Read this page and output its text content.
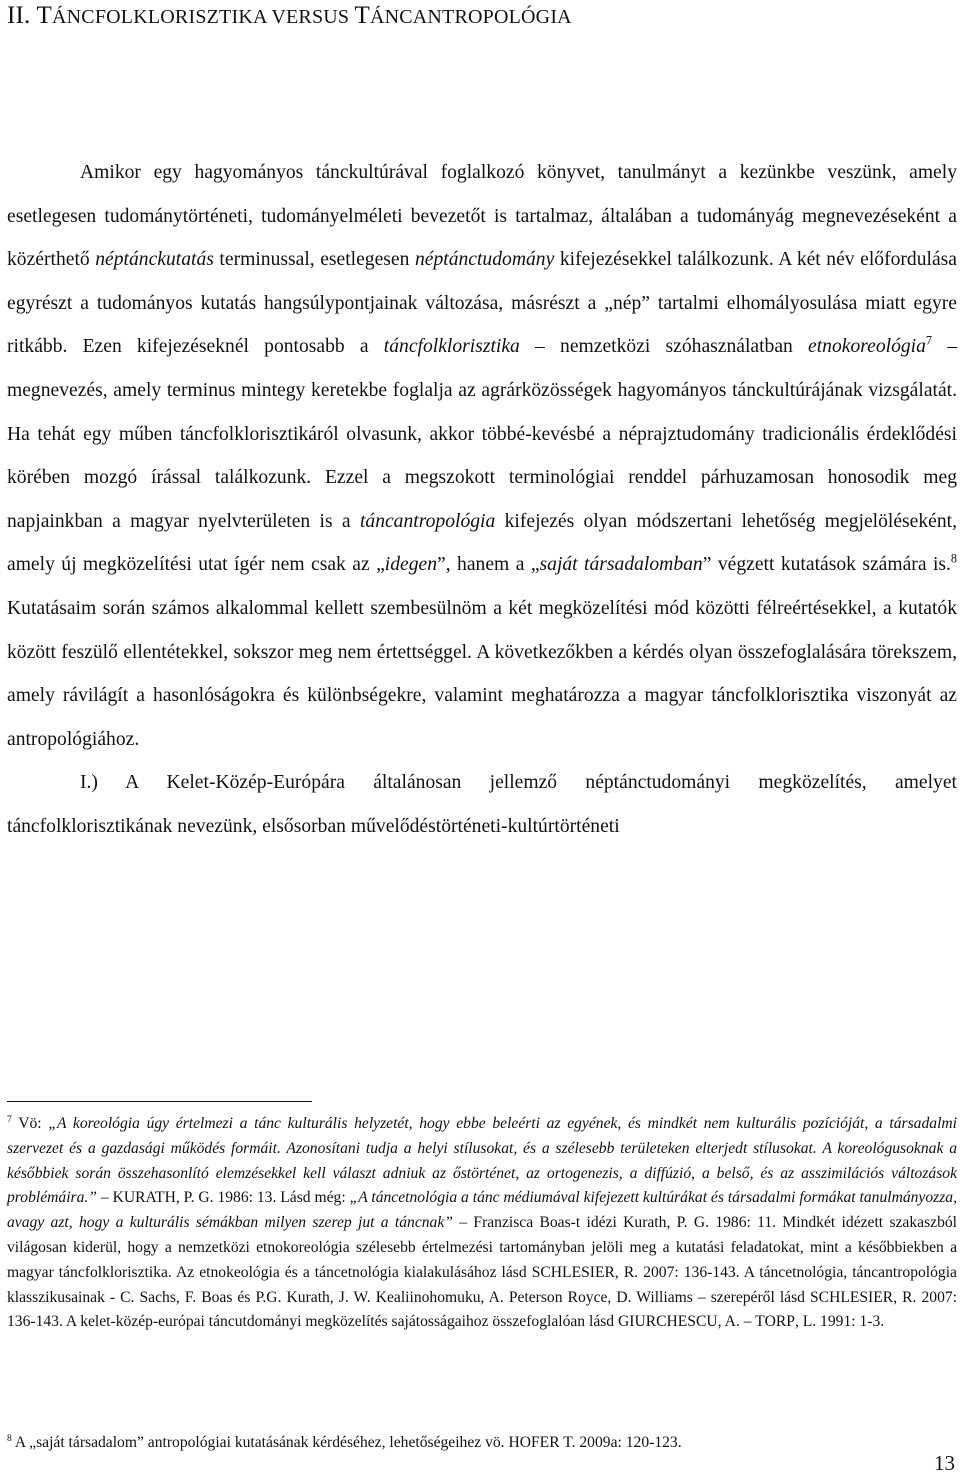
II. TÁNCFOLKLORISZTIKA VERSUS TÁNCANTROPOLÓGIA

Amikor egy hagyományos tánckultúrával foglalkozó könyvet, tanulmányt a kezünkbe veszünk, amely esetlegesen tudománytörténeti, tudományelméleti bevezetőt is tartalmaz, általában a tudományág megnevezéseként a közérthető néptánckutatás terminussal, esetlegesen néptánctudomány kifejezésekkel találkozunk. A két név előfordulása egyrészt a tudományos kutatás hangsúlypontjainak változása, másrészt a „nép” tartalmi elhomályosulása miatt egyre ritkább. Ezen kifejezéseknél pontosabb a táncfolklorisztika – nemzetközi szóhasználatban etnokoreológia$^7$ – megnevezés, amely terminus mintegy keretekbe foglalja az agrárközösségek hagyományos tánckultúrájának vizsgálatát. Ha tehát egy műben táncfolklorisztikáról olvasunk, akkor többé-kevésbé a néprajztudomány tradicionális érdeklődési körében mozgó írással találkozunk. Ezzel a megszokott terminológiai renddel párhuzamosan honosodik meg napjainkban a magyar nyelvterületen is a táncantropológia kifejezés olyan módszertani lehetőség megjelöléseként, amely új megközelítési utat ígér nem csak az „idegen”, hanem a „saját társadalomban” végzett kutatások számára is.$^8$ Kutatásaim során számos alkalommal kellett szembesülnöm a két megközelítési mód közötti félreértésekkel, a kutatók között feszülő ellentétekkel, sokszor meg nem értettséggel. A következőkben a kérdés olyan összefoglalására törekszem, amely rávilágít a hasonlóságokra és különbségekre, valamint meghatározza a magyar táncfolklorisztika viszonyát az antropológiához.

I.) A Kelet-Közép-Európára általánosan jellemző néptánctudományi megközelítés, amelyet táncfolklorisztikának nevezünk, elsősorban művelődéstörténeti-kultúrtörténeti

$^7$ Vö: „A koreológia úgy értelmezi a tánc kulturális helyzetét, hogy ebbe beleérti az egyének, és mindkét nem kulturális pozícióját, a társadalmi szervezet és a gazdasági működés formáit. Azonosítani tudja a helyi stílusokat, és a szélesebb területeken elterjedt stílusokat. A koreológusoknak a későbbiek során összehasonlító elemzésekkel kell választ adniuk az őstörténet, az ortogenezis, a diffúzió, a belső, és az asszimilációs változások problémáira.” – KURATH, P. G. 1986: 13. Lásd még: „A táncetnológia a tánc médiumával kifejezett kultúrákat és társadalmi formákat tanulmányozza, avagy azt, hogy a kulturális sémákban milyen szerep jut a táncnak” – Franzisca Boas-t idézi Kurath, P. G. 1986: 11. Mindkét idézett szakaszból világosan kiderül, hogy a nemzetközi etnokoreológia szélesebb értelmezési tartományban jelöli meg a kutatási feladatokat, mint a későbbiekben a magyar táncfolklorisztika. Az etnokeológia és a táncetnológia kialakulásához lásd SCHLESIER, R. 2007: 136-143. A táncetnológia, táncantropológia klasszikusainak - C. Sachs, F. Boas és P.G. Kurath, J. W. Kealiinohomuku, A. Peterson Royce, D. Williams – szerepéről lásd SCHLESIER, R. 2007: 136-143. A kelet-közép-európai táncutdományi megközelítés sajátosságaihoz összefoglalóan lásd GIURCHESCU, A. – TORP, L. 1991: 1-3.

$^8$ A „saját társadalom” antropológiai kutatásának kérdéséhez, lehetőségeihez vö. HOFER T. 2009a: 120-123.

13
